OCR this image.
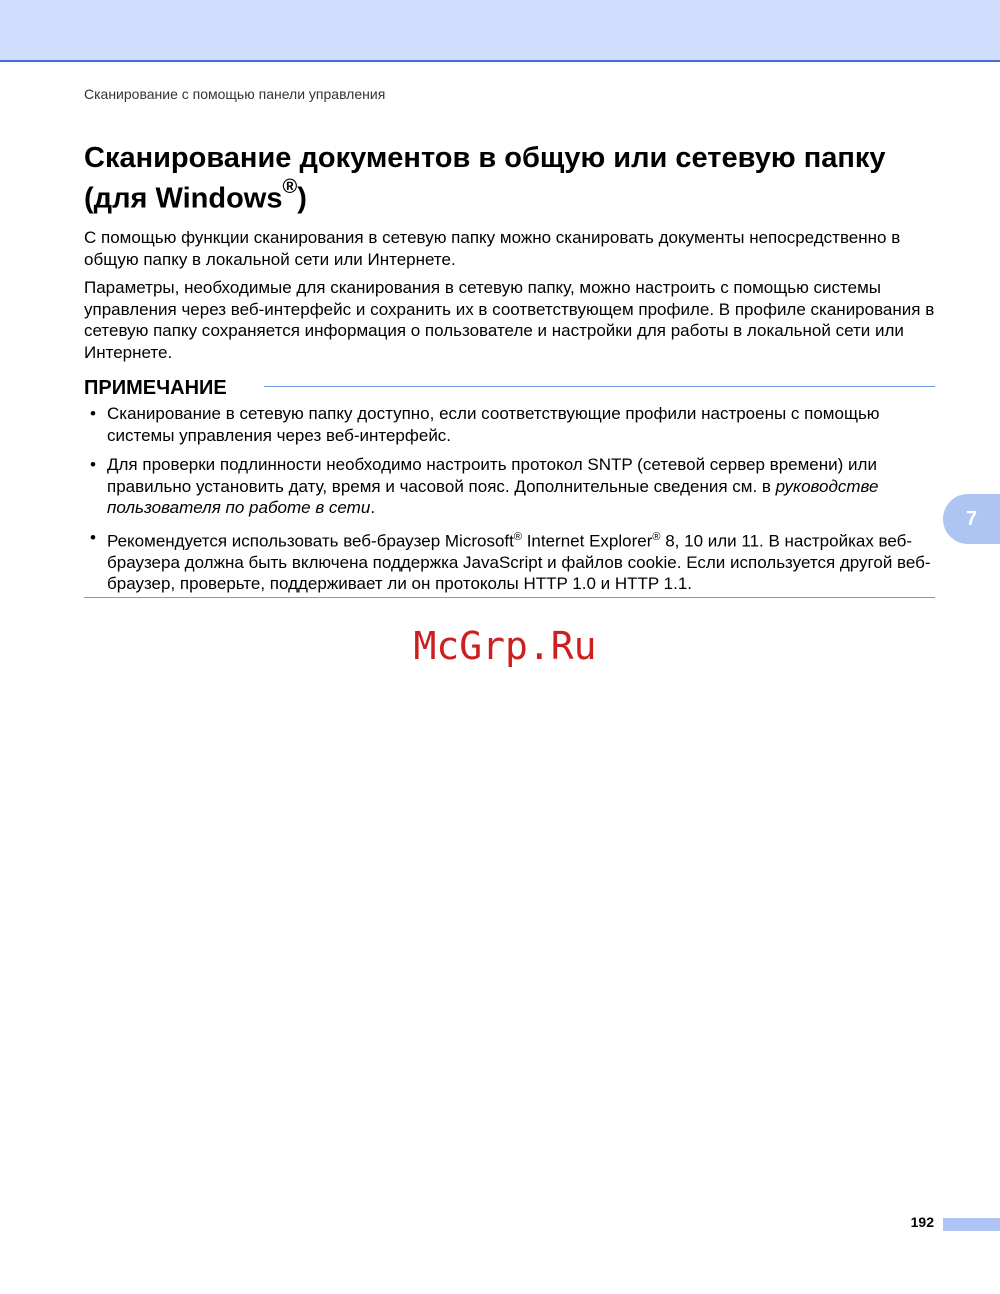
Сканирование с помощью панели управления
Сканирование документов в общую или сетевую папку (для Windows®)

С помощью функции сканирования в сетевую папку можно сканировать документы непосредственно в общую папку в локальной сети или Интернете.

Параметры, необходимые для сканирования в сетевую папку, можно настроить с помощью системы управления через веб-интерфейс и сохранить их в соответствующем профиле. В профиле сканирования в сетевую папку сохраняется информация о пользователе и настройки для работы в локальной сети или Интернете.

ПРИМЕЧАНИЕ
• Сканирование в сетевую папку доступно, если соответствующие профили настроены с помощью системы управления через веб-интерфейс.
• Для проверки подлинности необходимо настроить протокол SNTP (сетевой сервер времени) или правильно установить дату, время и часовой пояс. Дополнительные сведения см. в руководстве пользователя по работе в сети.
• Рекомендуется использовать веб-браузер Microsoft® Internet Explorer® 8, 10 или 11. В настройках веб-браузера должна быть включена поддержка JavaScript и файлов cookie. Если используется другой веб-браузер, проверьте, поддерживает ли он протоколы HTTP 1.0 и HTTP 1.1.
McGrp.Ru
7
192
